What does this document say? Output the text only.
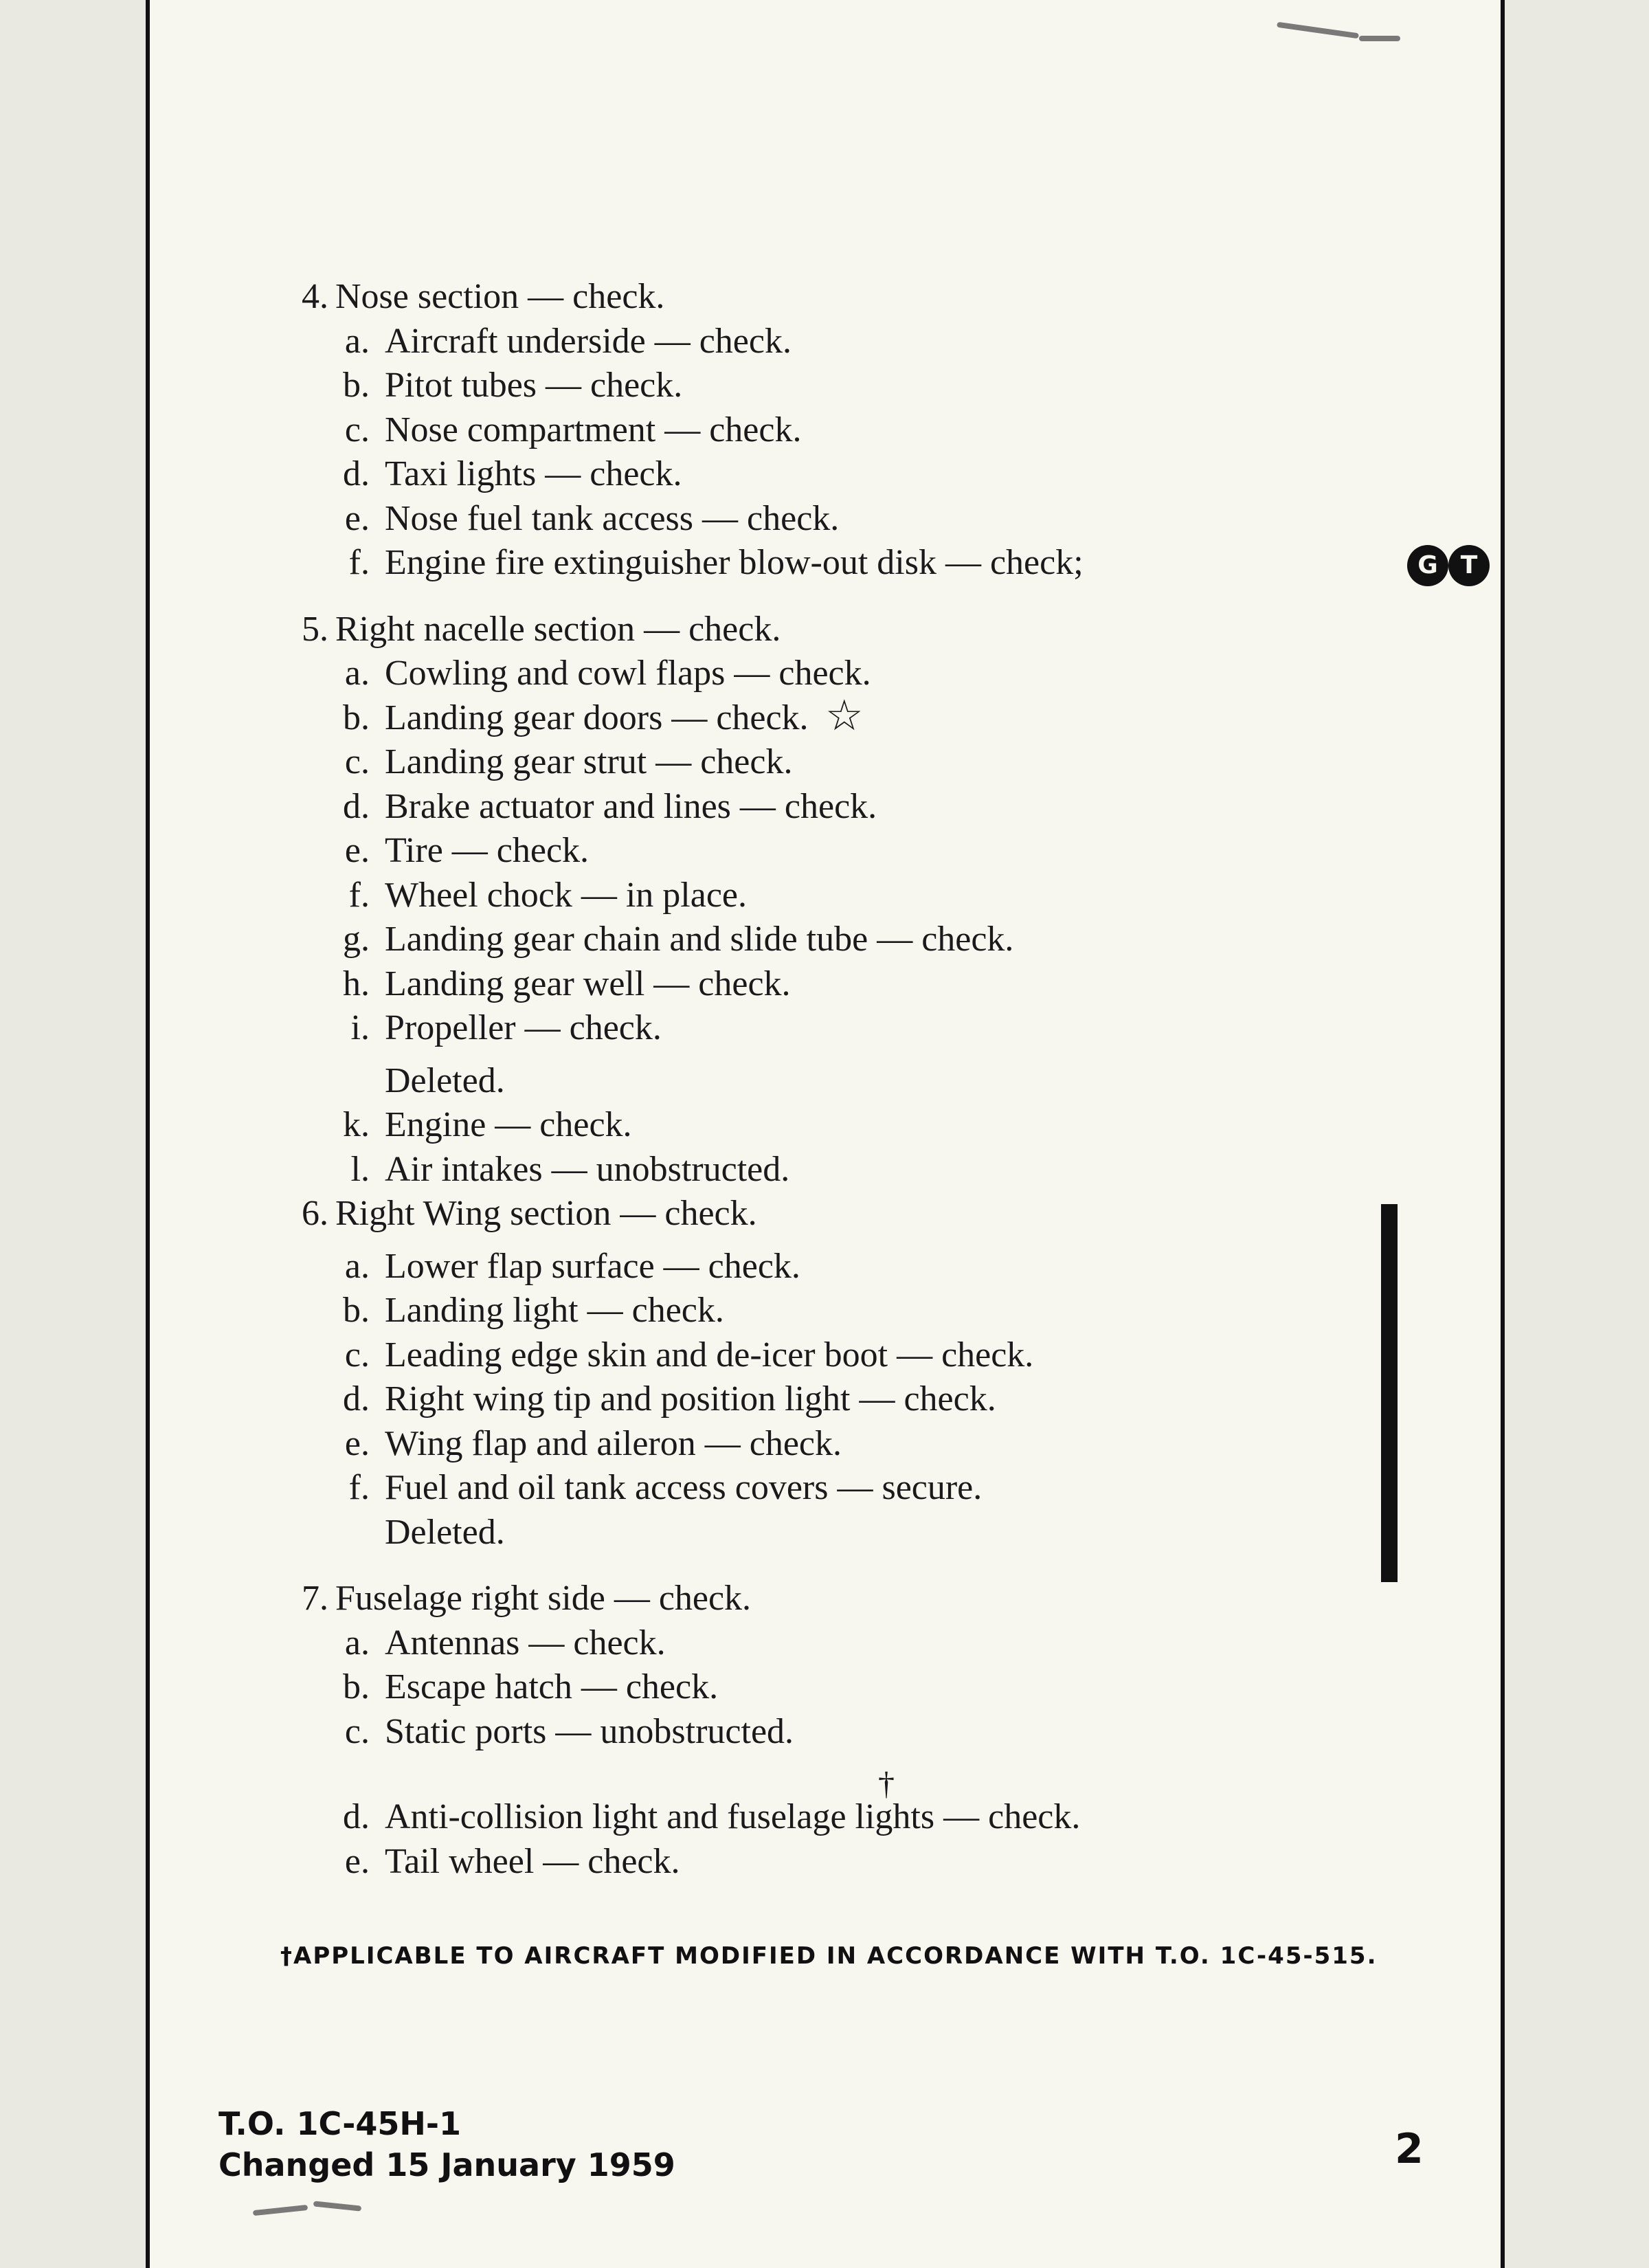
4. Nose section — check.
a. Aircraft underside — check.
b. Pitot tubes — check.
c. Nose compartment — check.
d. Taxi lights — check.
e. Nose fuel tank access — check.
f. Engine fire extinguisher blow-out disk — check;	G T
5. Right nacelle section — check.
a. Cowling and cowl flaps — check.
b. Landing gear doors — check. ☆
c. Landing gear strut — check.
d. Brake actuator and lines — check.
e. Tire — check.
f. Wheel chock — in place.
g. Landing gear chain and slide tube — check.
h. Landing gear well — check.
i. Propeller — check.
Deleted.
k. Engine — check.
l. Air intakes — unobstructed.
6. Right Wing section — check.
a. Lower flap surface — check.
b. Landing light — check.
c. Leading edge skin and de-icer boot — check.
d. Right wing tip and position light — check.
e. Wing flap and aileron — check.
f. Fuel and oil tank access covers — secure.
Deleted.
7. Fuselage right side — check.
a. Antennas — check.
b. Escape hatch — check.
c. Static ports — unobstructed.
d. Anti-collision light and fuselage lights — check.
†
e. Tail wheel — check.
†APPLICABLE TO AIRCRAFT MODIFIED IN ACCORDANCE WITH T.O. 1C-45-515.
T.O. 1C-45H-1
Changed 15 January 1959	2
